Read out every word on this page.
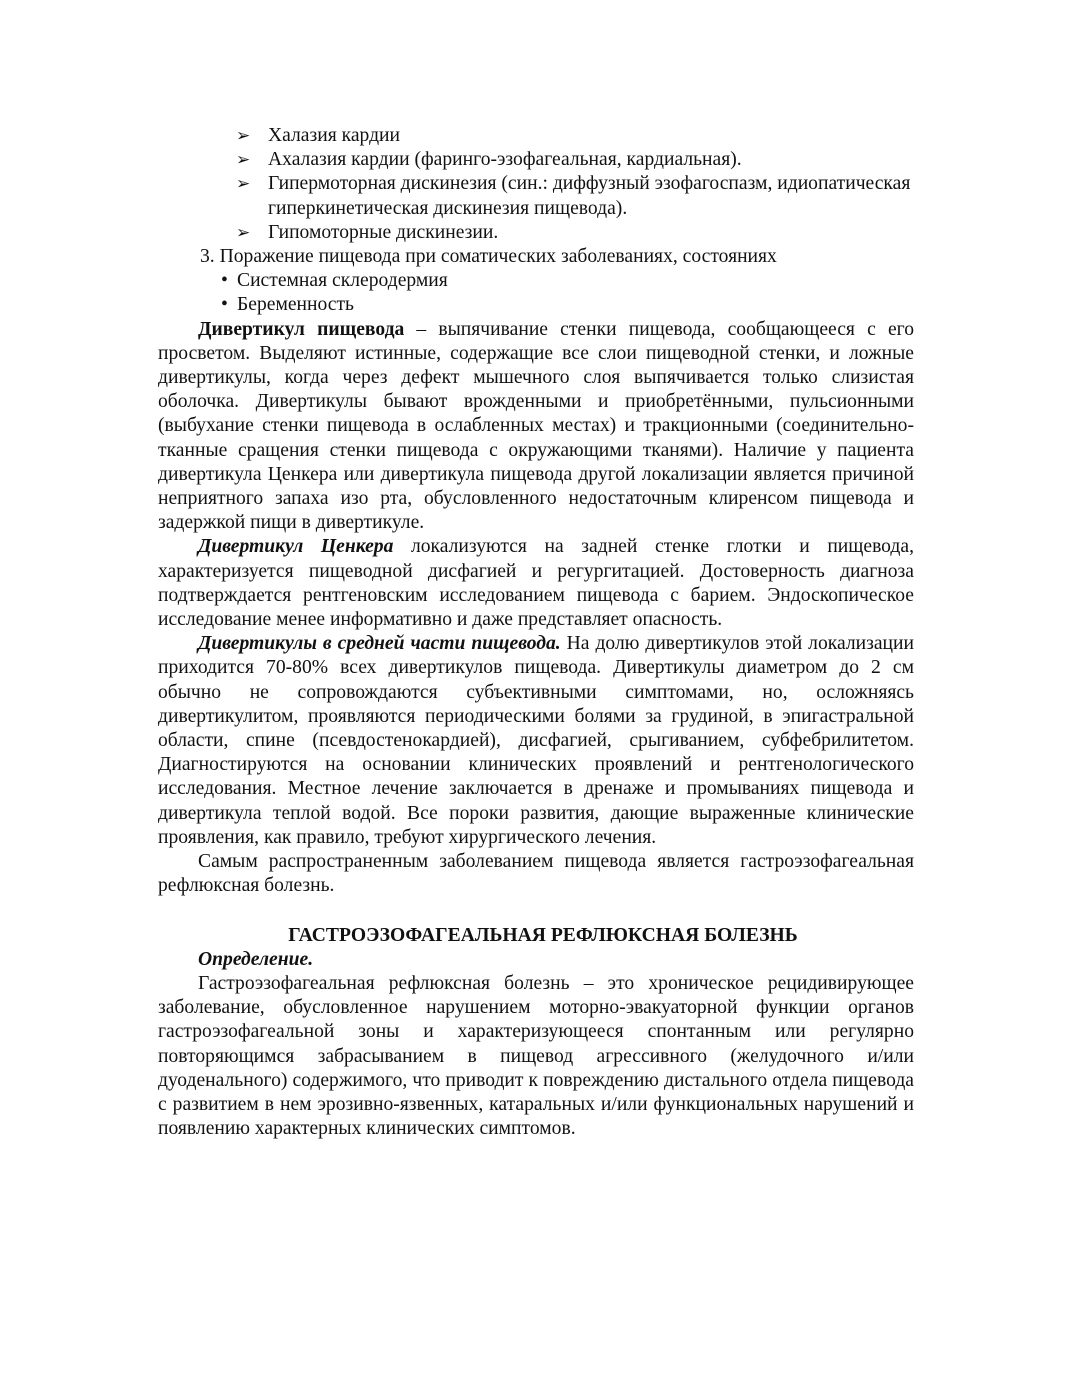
➢ Халазия кардии
➢ Ахалазия кардии (фаринго-эзофагеальная, кардиальная).
➢ Гипермоторная дискинезия (син.: диффузный эзофагоспазм, идиопатическая гиперкинетическая дискинезия пищевода).
➢ Гипомоторные дискинезии.
3. Поражение пищевода при соматических заболеваниях, состояниях
• Системная склеродермия
• Беременность

Дивертикул пищевода – выпячивание стенки пищевода, сообщающееся с его просветом. Выделяют истинные, содержащие все слои пищеводной стенки, и ложные дивертикулы, когда через дефект мышечного слоя выпячивается только слизистая оболочка. Дивертикулы бывают врожденными и приобретёнными, пульсионными (выбухание стенки пищевода в ослабленных местах) и тракционными (соединительно-тканные сращения стенки пищевода с окружающими тканями). Наличие у пациента дивертикула Ценкера или дивертикула пищевода другой локализации является причиной неприятного запаха изо рта, обусловленного недостаточным клиренсом пищевода и задержкой пищи в дивертикуле.

Дивертикул Ценкера локализуются на задней стенке глотки и пищевода, характеризуется пищеводной дисфагией и регургитацией. Достоверность диагноза подтверждается рентгеновским исследованием пищевода с барием. Эндоскопическое исследование менее информативно и даже представляет опасность.

Дивертикулы в средней части пищевода. На долю дивертикулов этой локализации приходится 70-80% всех дивертикулов пищевода. Дивертикулы диаметром до 2 см обычно не сопровождаются субъективными симптомами, но, осложняясь дивертикулитом, проявляются периодическими болями за грудиной, в эпигастральной области, спине (псевдостенокардией), дисфагией, срыгиванием, субфебрилитетом. Диагностируются на основании клинических проявлений и рентгенологического исследования. Местное лечение заключается в дренаже и промываниях пищевода и дивертикула теплой водой. Все пороки развития, дающие выраженные клинические проявления, как правило, требуют хирургического лечения.

Самым распространенным заболеванием пищевода является гастроэзофагеальная рефлюксная болезнь.

ГАСТРОЭЗОФАГЕАЛЬНАЯ РЕФЛЮКСНАЯ БОЛЕЗНЬ
Определение.

Гастроэзофагеальная рефлюксная болезнь – это хроническое рецидивирующее заболевание, обусловленное нарушением моторно-эвакуаторной функции органов гастроэзофагеальной зоны и характеризующееся спонтанным или регулярно повторяющимся забрасыванием в пищевод агрессивного (желудочного и/или дуоденального) содержимого, что приводит к повреждению дистального отдела пищевода с развитием в нем эрозивно-язвенных, катаральных и/или функциональных нарушений и появлению характерных клинических симптомов.
